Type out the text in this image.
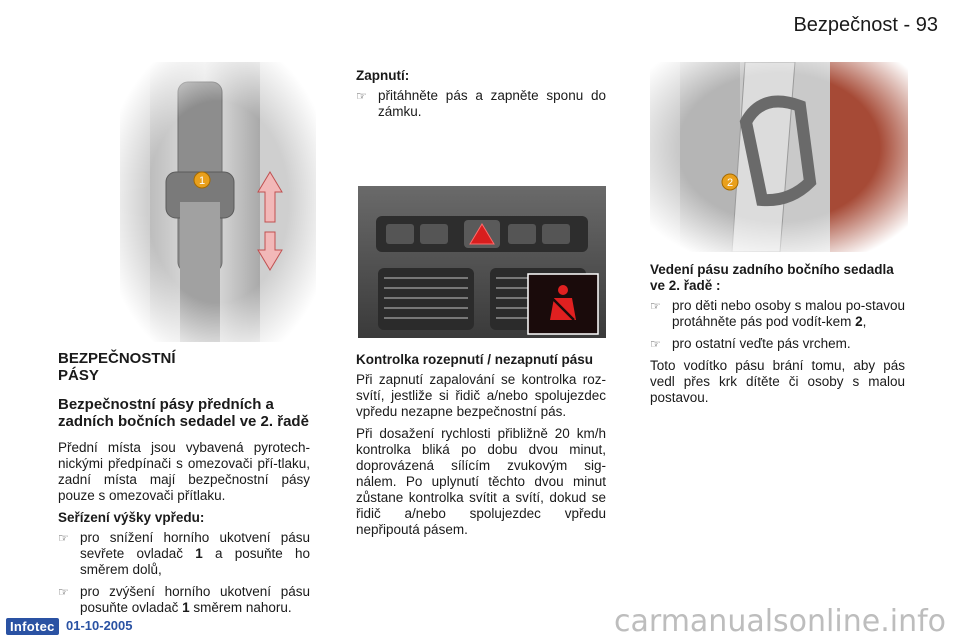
Bezpečnost - 93
BEZPEČNOSTNÍ
PÁSY
Bezpečnostní pásy předních a zadních bočních sedadel ve 2. řadě

Přední místa jsou vybavená pyrotech-nickými předpínači s omezovači pří-tlaku, zadní místa mají bezpečnostní pásy pouze s omezovači přítlaku.

Seřízení výšky vpředu:
☞ pro snížení horního ukotvení pásu sevřete ovladač 1 a posuňte ho směrem dolů,
☞ pro zvýšení horního ukotvení pásu posuňte ovladač 1 směrem nahoru.
Zapnutí:
☞ přitáhněte pás a zapněte sponu do zámku.
Kontrolka rozepnutí / nezapnutí pásu

Při zapnutí zapalování se kontrolka roz-svítí, jestliže si řidič a/nebo spolujezdec vpředu nezapne bezpečnostní pás.

Při dosažení rychlosti přibližně 20 km/h kontrolka bliká po dobu dvou minut, doprovázená sílícím zvukovým sig-nálem. Po uplynutí těchto dvou minut zůstane kontrolka svítit a svítí, dokud se řidič a/nebo spolujezdec vpředu nepřipoutá pásem.

Vedení pásu zadního bočního sedadla ve 2. řadě :
☞ pro děti nebo osoby s malou po-stavou protáhněte pás pod vodít-kem 2,
☞ pro ostatní veďte pás vrchem.

Toto vodítko pásu brání tomu, aby pás vedl přes krk dítěte či osoby s malou postavou.

Infotec 01-10-2005	carmanualsonline.info
